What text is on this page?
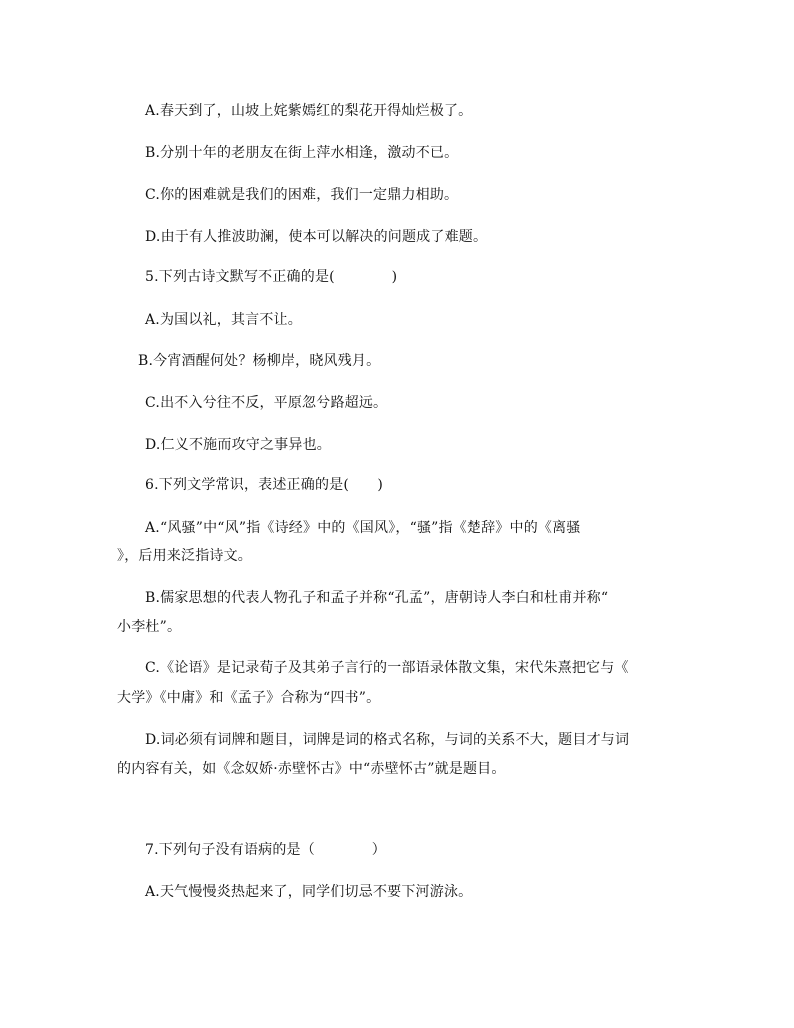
A.春天到了，山坡上姹紫嫣红的梨花开得灿烂极了。
B.分别十年的老朋友在街上萍水相逢，激动不已。
C.你的困难就是我们的困难，我们一定鼎力相助。
D.由于有人推波助澜，使本可以解决的问题成了难题。
5.下列古诗文默写不正确的是(　　　　)
A.为国以礼，其言不让。
B.今宵酒醒何处？杨柳岸，晓风残月。
C.出不入兮往不反，平原忽兮路超远。
D.仁义不施而攻守之事异也。
6.下列文学常识，表述正确的是(　　)
A.“风骚”中“风”指《诗经》中的《国风》，“骚”指《楚辞》中的《离骚
》，后用来泛指诗文。
B.儒家思想的代表人物孔子和孟子并称“孔孟”，唐朝诗人李白和杜甫并称“
小李杜”。
C.《论语》是记录荀子及其弟子言行的一部语录体散文集，宋代朱熹把它与《
大学》《中庸》和《孟子》合称为“四书”。
D.词必须有词牌和题目，词牌是词的格式名称，与词的关系不大，题目才与词
的内容有关，如《念奴娇·赤壁怀古》中“赤壁怀古”就是题目。
7.下列句子没有语病的是（　　　　）
A.天气慢慢炎热起来了，同学们切忌不要下河游泳。
